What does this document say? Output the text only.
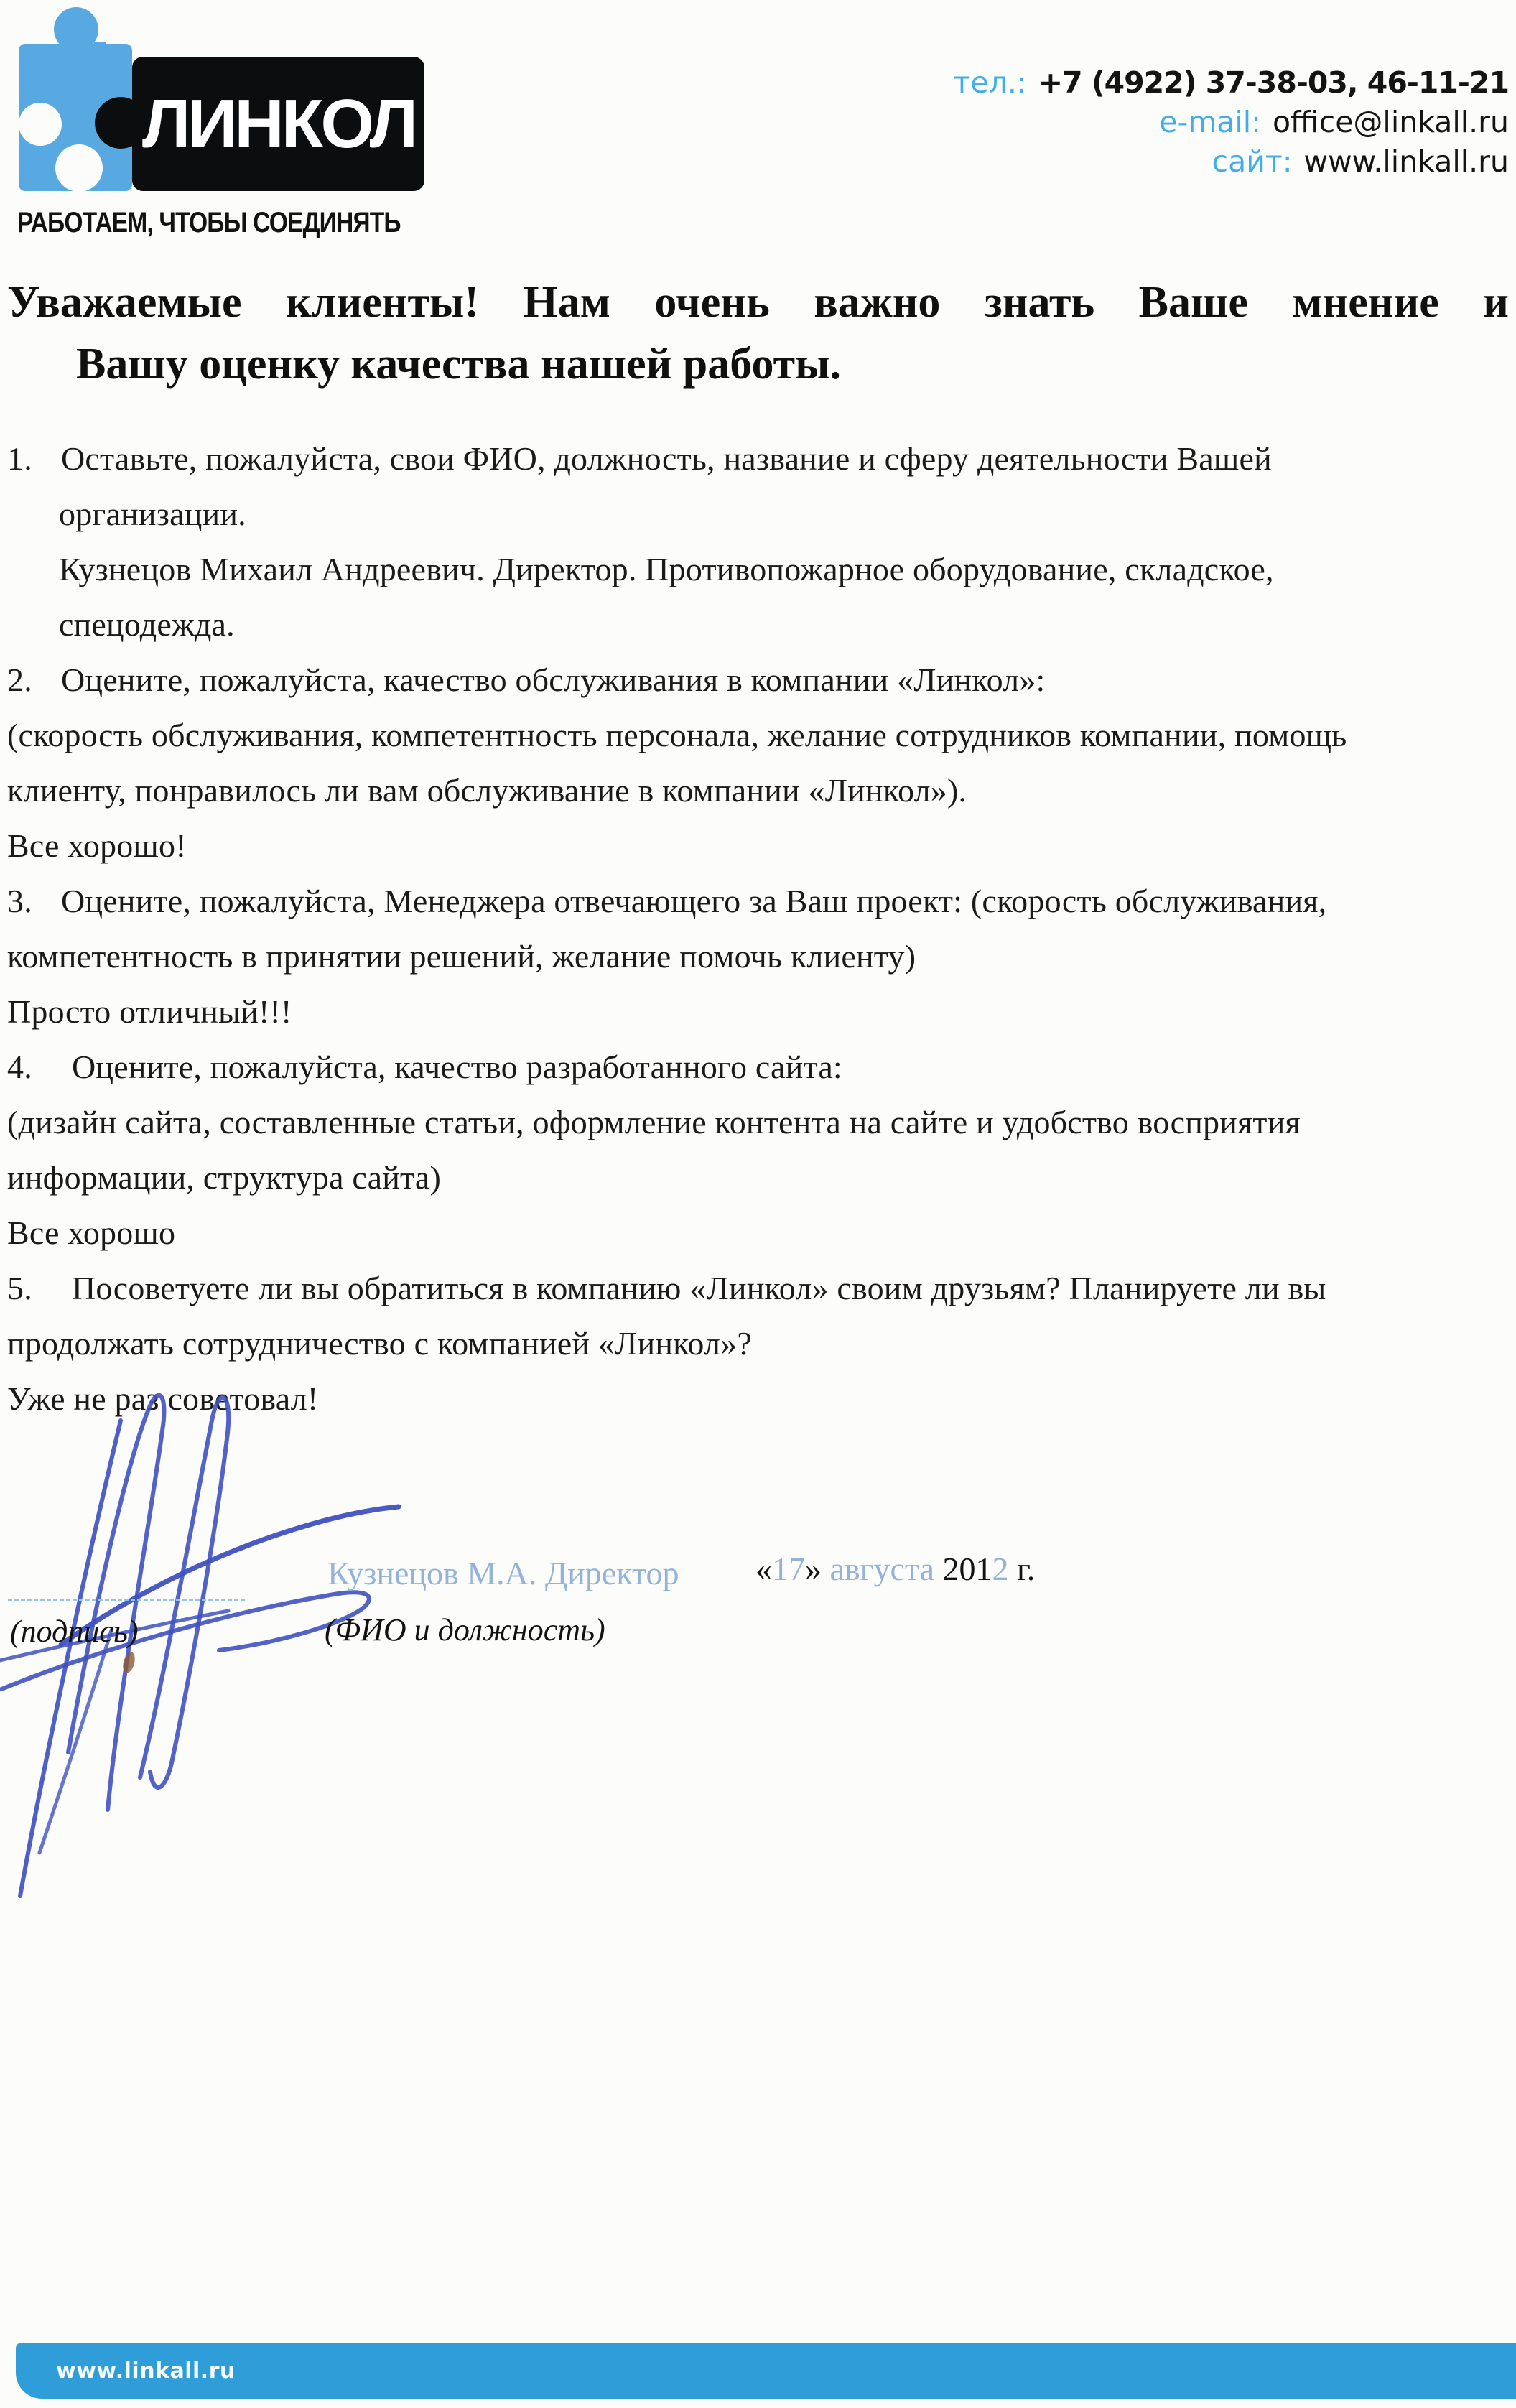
ЛИНКОЛ
РАБОТАЕМ, ЧТОБЫ СОЕДИНЯТЬ
тел.: +7 (4922) 37-38-03, 46-11-21
e-mail: office@linkall.ru
сайт: www.linkall.ru
Уважаемые клиенты! Нам очень важно знать Ваше мнение и
Вашу оценку качества нашей работы.
1. Оставьте, пожалуйста, свои ФИО, должность, название и сферу деятельности Вашей
организации.
Кузнецов Михаил Андреевич. Директор. Противопожарное оборудование, складское,
спецодежда.
2. Оцените, пожалуйста, качество обслуживания в компании «Линкол»:
(скорость обслуживания, компетентность персонала, желание сотрудников компании, помощь
клиенту, понравилось ли вам обслуживание в компании «Линкол»).
Все хорошо!
3. Оцените, пожалуйста, Менеджера отвечающего за Ваш проект: (скорость обслуживания,
компетентность в принятии решений, желание помочь клиенту)
Просто отличный!!!
4. Оцените, пожалуйста, качество разработанного сайта:
(дизайн сайта, составленные статьи, оформление контента на сайте и удобство восприятия
информации, структура сайта)
Все хорошо
5. Посоветуете ли вы обратиться в компанию «Линкол» своим друзьям? Планируете ли вы
продолжать сотрудничество с компанией «Линкол»?
Уже не раз советовал!
(подпись)
Кузнецов М.А. Директор
(ФИО и должность)
«17» августа 2012 г.
www.linkall.ru
